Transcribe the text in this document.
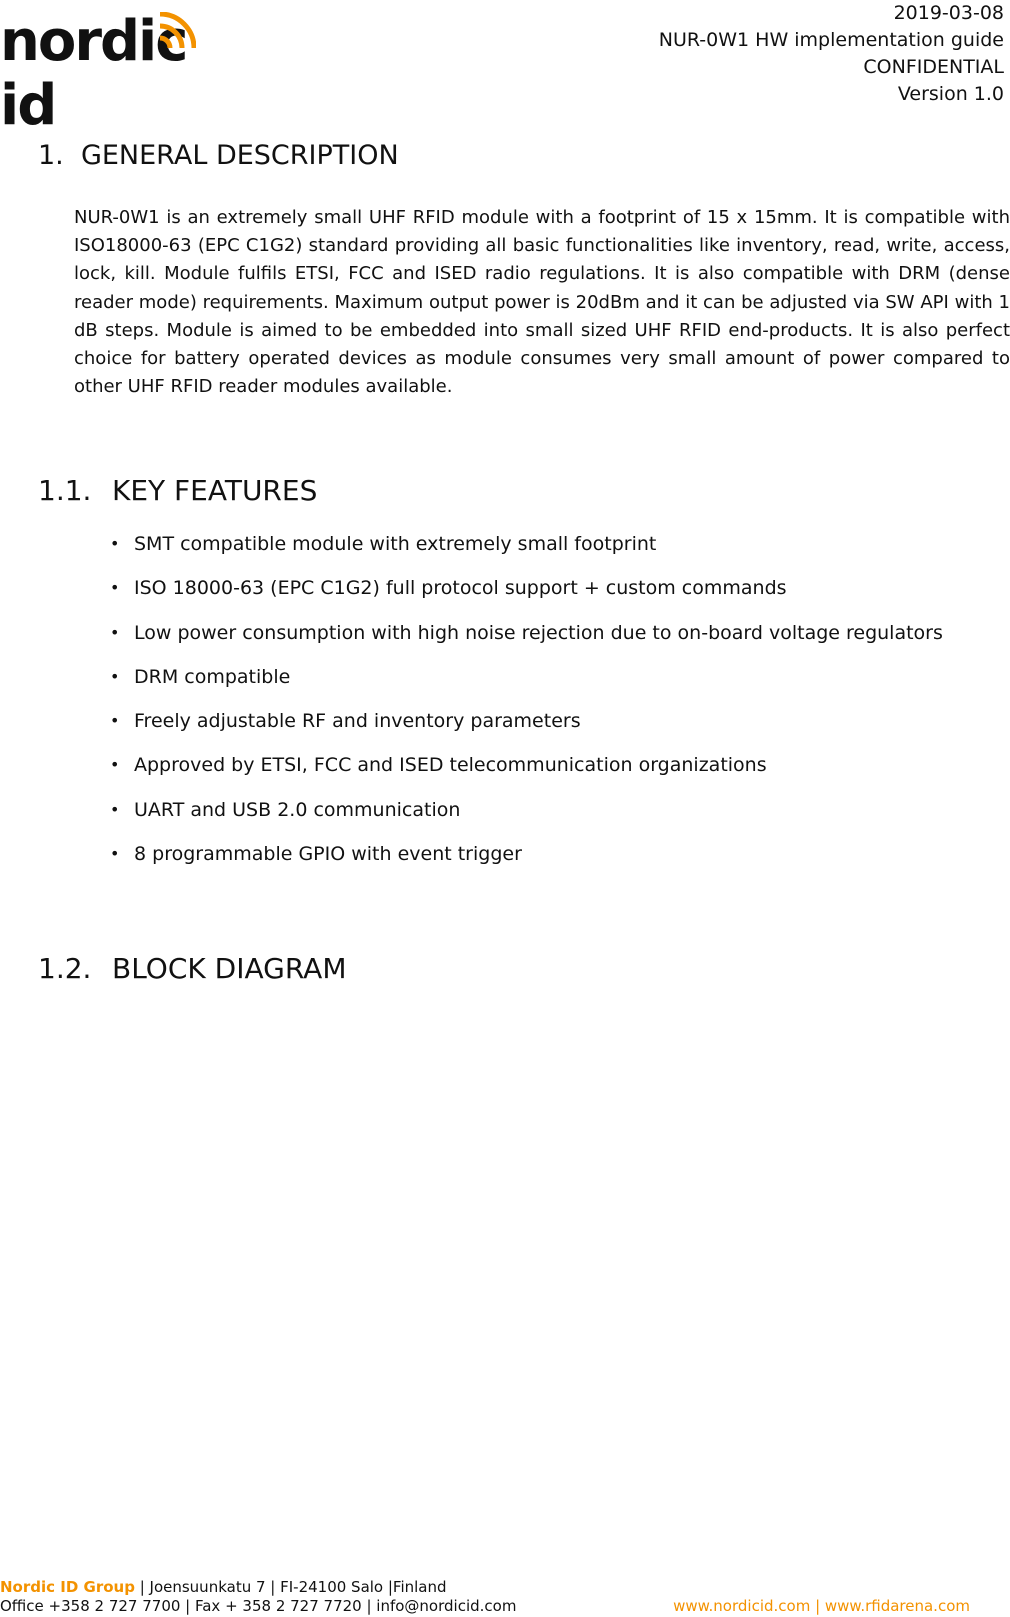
nordicid
2019-03-08
NUR-0W1 HW implementation guide
CONFIDENTIAL
Version 1.0
1. GENERAL DESCRIPTION

NUR-0W1 is an extremely small UHF RFID module with a footprint of 15 x 15mm. It is compatible with ISO18000-63 (EPC C1G2) standard providing all basic functionalities like inventory, read, write, access, lock, kill. Module fulfils ETSI, FCC and ISED radio regulations. It is also compatible with DRM (dense reader mode) requirements. Maximum output power is 20dBm and it can be adjusted via SW API with 1 dB steps. Module is aimed to be embedded into small sized UHF RFID end-products. It is also perfect choice for battery operated devices as module consumes very small amount of power compared to other UHF RFID reader modules available.

1.1. KEY FEATURES
• SMT compatible module with extremely small footprint
• ISO 18000-63 (EPC C1G2) full protocol support + custom commands
• Low power consumption with high noise rejection due to on-board voltage regulators
• DRM compatible
• Freely adjustable RF and inventory parameters
• Approved by ETSI, FCC and ISED telecommunication organizations
• UART and USB 2.0 communication
• 8 programmable GPIO with event trigger
1.2. BLOCK DIAGRAM
Nordic ID Group | Joensuunkatu 7 | FI-24100 Salo |Finland
Office +358 2 727 7700 | Fax + 358 2 727 7720 | info@nordicid.com	www.nordicid.com | www.rfidarena.com
